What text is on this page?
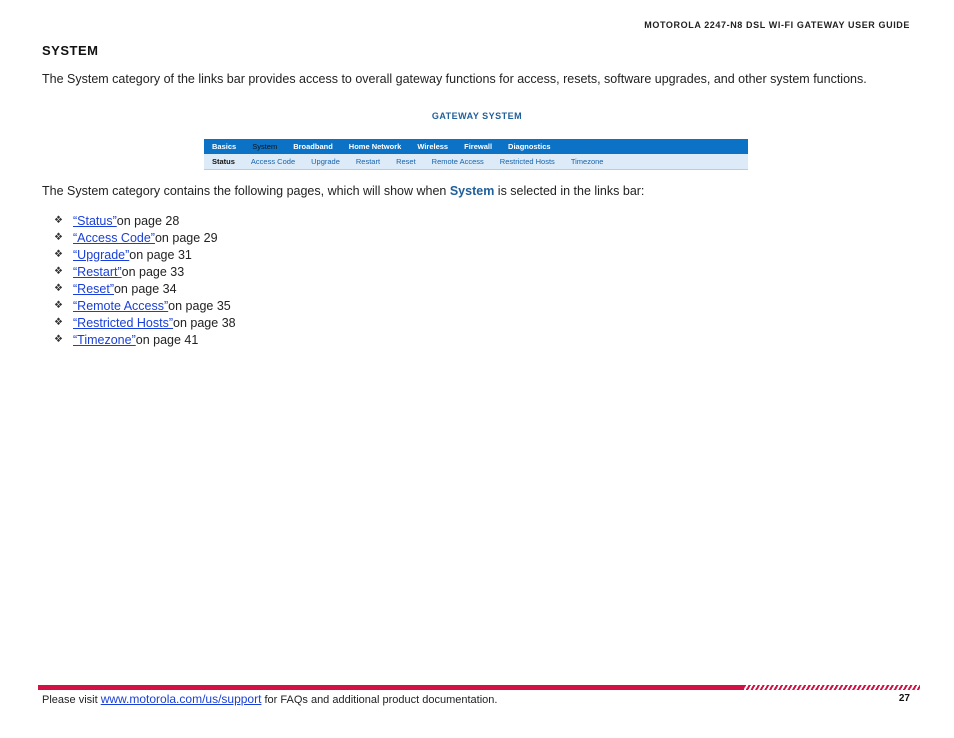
MOTOROLA 2247-N8 DSL WI-FI GATEWAY USER GUIDE
SYSTEM
The System category of the links bar provides access to overall gateway functions for access, resets, software upgrades, and other system functions.
GATEWAY SYSTEM
Basics	System	Broadband	Home Network	Wireless	Firewall	Diagnostics
Status	Access Code	Upgrade	Restart	Reset	Remote Access	Restricted Hosts	Timezone
The System category contains the following pages, which will show when System is selected in the links bar:
❖ “Status” on page 28
❖ “Access Code” on page 29
❖ “Upgrade” on page 31
❖ “Restart” on page 33
❖ “Reset” on page 34
❖ “Remote Access” on page 35
❖ “Restricted Hosts” on page 38
❖ “Timezone” on page 41
Please visit www.motorola.com/us/support for FAQs and additional product documentation.	27
